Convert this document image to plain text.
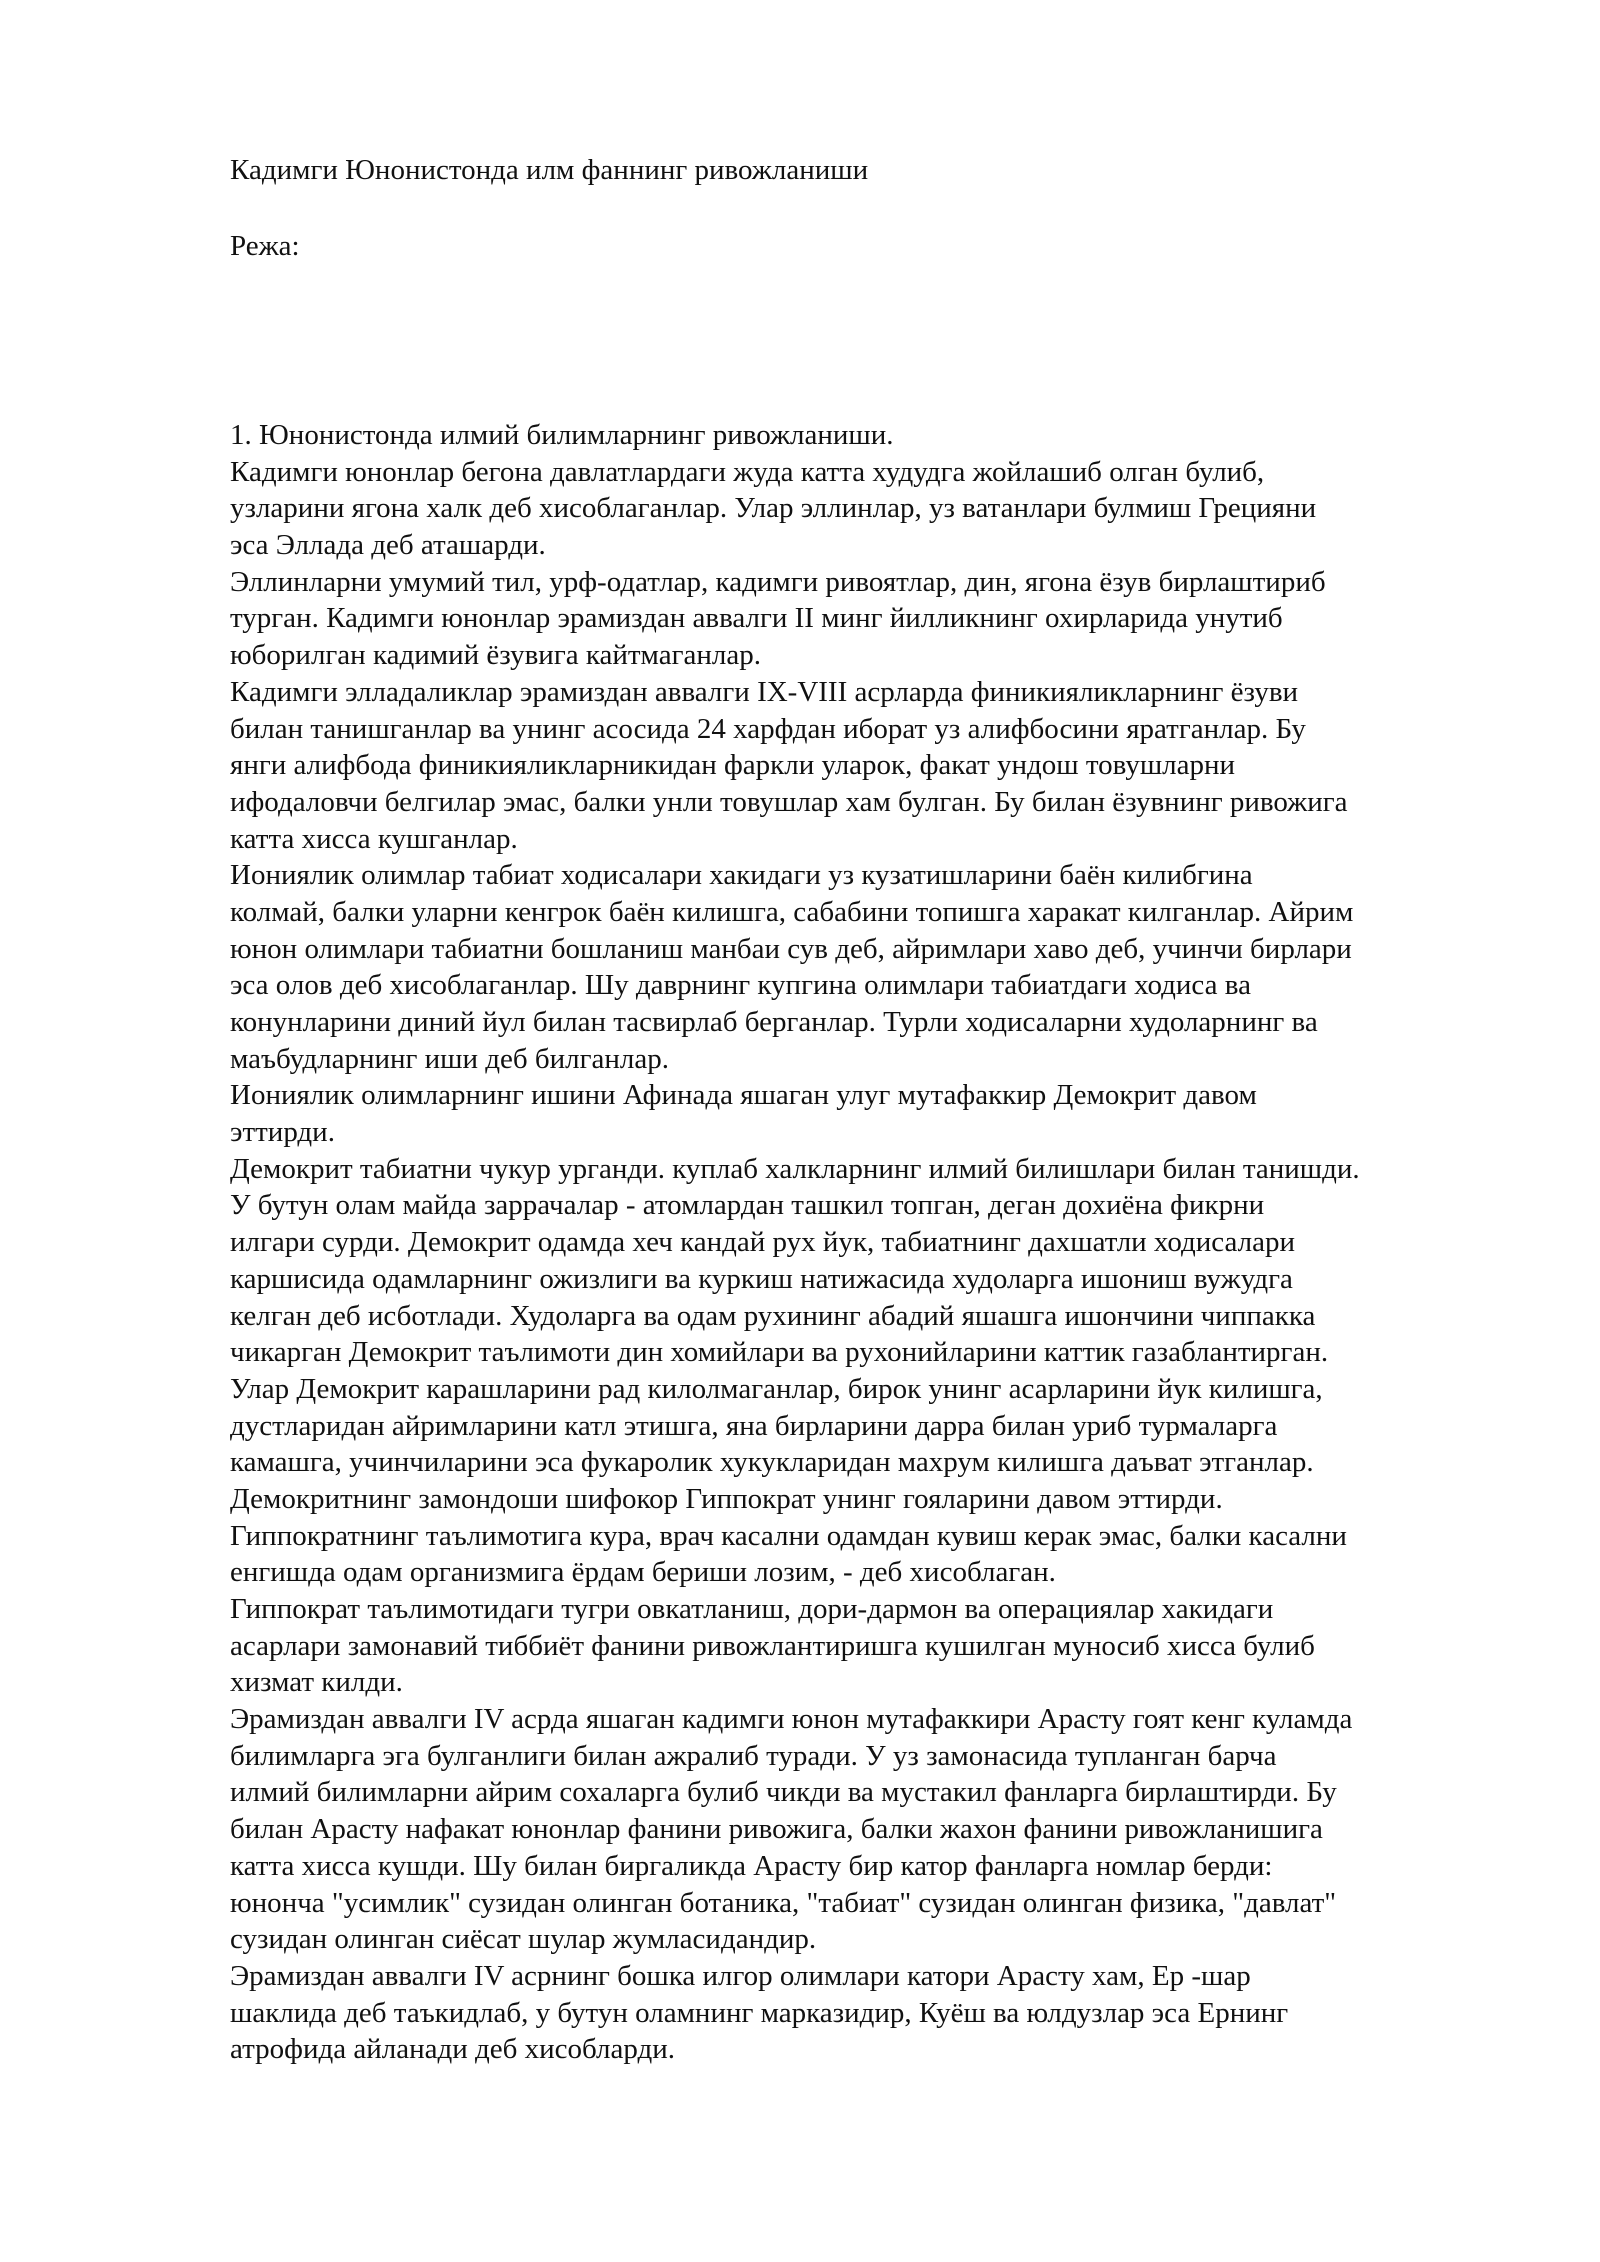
Кадимги Юнонистонда илм фаннинг ривожланиши
Режа:
1. Юнонистонда илмий билимларнинг ривожланиши.
Кадимги юнонлар бегона давлатлардаги жуда катта худудга жойлашиб олган булиб,
узларини ягона халк деб хисоблаганлар. Улар эллинлар, уз ватанлари булмиш Грецияни
эса Эллада деб аташарди.
Эллинларни умумий тил, урф-одатлар, кадимги ривоятлар, дин, ягона ёзув бирлаштириб
турган. Кадимги юнонлар эрамиздан аввалги II минг йилликнинг охирларида унутиб
юборилган кадимий ёзувига кайтмаганлар.
Кадимги элладаликлар эрамиздан аввалги IX-VIII асрларда финикияликларнинг ёзуви
билан танишганлар ва унинг асосида 24 харфдан иборат уз алифбосини яратганлар. Бу
янги алифбода финикияликларникидан фаркли уларок, факат ундош товушларни
ифодаловчи белгилар эмас, балки унли товушлар хам булган. Бу билан ёзувнинг ривожига
катта хисса кушганлар.
Иониялик олимлар табиат ходисалари хакидаги уз кузатишларини баён килибгина
колмай, балки уларни кенгрок баён килишга, сабабини топишга харакат килганлар. Айрим
юнон олимлари табиатни бошланиш манбаи сув деб, айримлари хаво деб, учинчи бирлари
эса олов деб хисоблаганлар. Шу даврнинг купгина олимлари табиатдаги ходиса ва
конунларини диний йул билан тасвирлаб берганлар. Турли ходисаларни худоларнинг ва
маъбудларнинг иши деб билганлар.
Иониялик олимларнинг ишини Афинада яшаган улуг мутафаккир Демокрит давом
эттирди.
Демокрит табиатни чукур урганди. куплаб халкларнинг илмий билишлари билан танишди.
У бутун олам майда заррачалар - атомлардан ташкил топган, деган дохиёна фикрни
илгари сурди. Демокрит одамда хеч кандай рух йук, табиатнинг дахшатли ходисалари
каршисида одамларнинг ожизлиги ва куркиш натижасида худоларга ишониш вужудга
келган деб исботлади. Худоларга ва одам рухининг абадий яшашга ишончини чиппакка
чикарган Демокрит таълимоти дин хомийлари ва рухонийларини каттик газаблантирган.
Улар Демокрит карашларини рад килолмаганлар, бирок унинг асарларини йук килишга,
дустларидан айримларини катл этишга, яна бирларини дарра билан уриб турмаларга
камашга, учинчиларини эса фукаролик хукукларидан махрум килишга даъват этганлар.
Демокритнинг замондоши шифокор Гиппократ унинг гояларини давом эттирди.
Гиппократнинг таълимотига кура, врач касални одамдан кувиш керак эмас, балки касални
енгишда одам организмига ёрдам бериши лозим, - деб хисоблаган.
Гиппократ таълимотидаги тугри овкатланиш, дори-дармон ва операциялар хакидаги
асарлари замонавий тиббиёт фанини ривожлантиришга кушилган муносиб хисса булиб
хизмат килди.
Эрамиздан аввалги IV асрда яшаган кадимги юнон мутафаккири Арасту гоят кенг куламда
билимларга эга булганлиги билан ажралиб туради. У уз замонасида тупланган барча
илмий билимларни айрим сохаларга булиб чикди ва мустакил фанларга бирлаштирди. Бу
билан Арасту нафакат юнонлар фанини ривожига, балки жахон фанини ривожланишига
катта хисса кушди. Шу билан биргаликда Арасту бир катор фанларга номлар берди:
юнонча "усимлик" сузидан олинган ботаника, "табиат" сузидан олинган физика, "давлат"
сузидан олинган сиёсат шулар жумласидандир.
Эрамиздан аввалги IV асрнинг бошка илгор олимлари катори Арасту хам, Ер -шар
шаклида деб таъкидлаб, у бутун оламнинг марказидир, Куёш ва юлдузлар эса Ернинг
атрофида айланади деб хисобларди.
